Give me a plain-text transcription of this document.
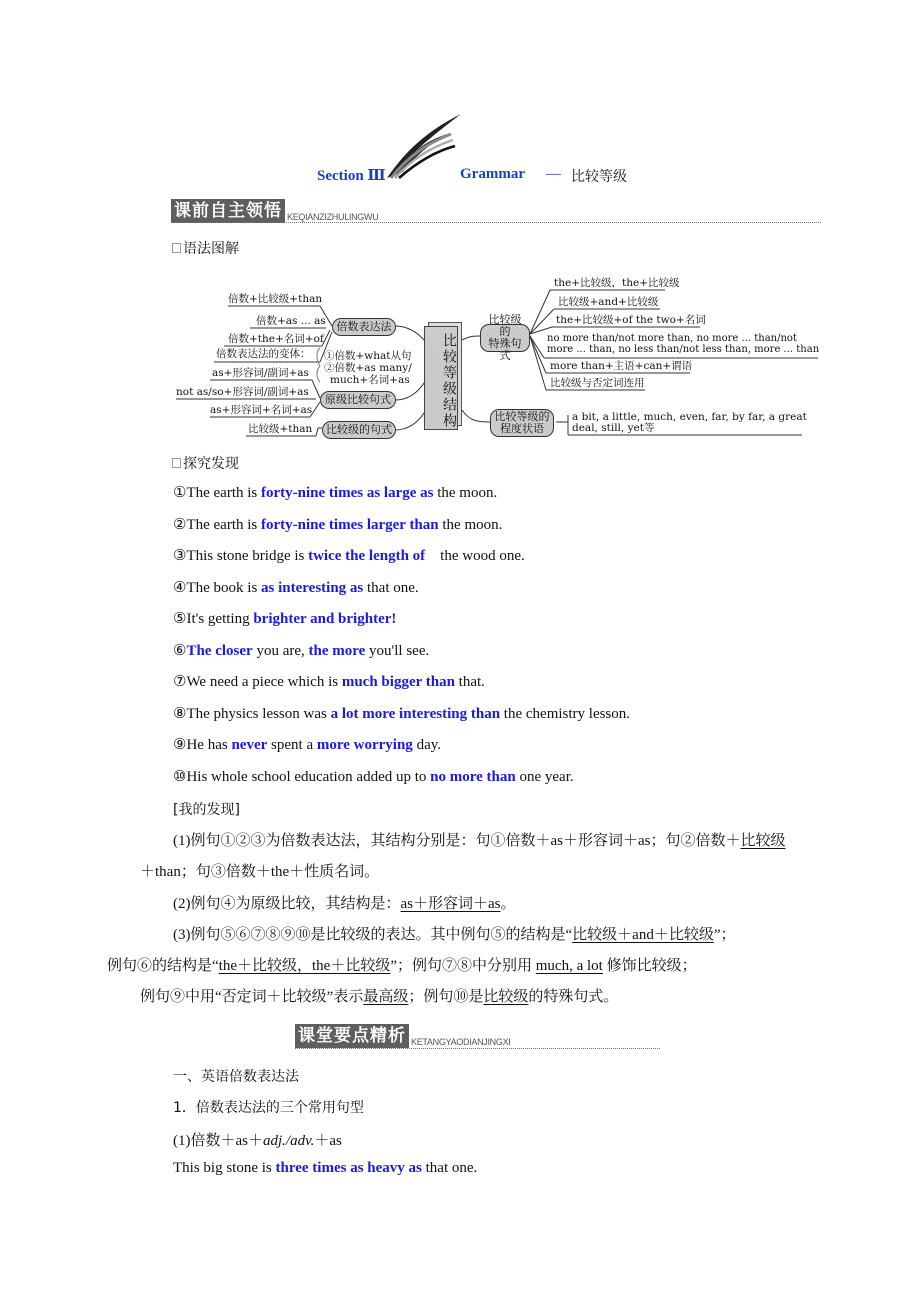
Section Ⅲ	Grammar — 比较等级
课前自主领悟 KEQIANZIZHULINGWU
语法图解
倍数+比较级+than
倍数+as ... as
倍数+the+名词+of
倍数表达法的变体： ①倍数+what从句
②倍数+as many/
much+名词+as
as+形容词/副词+as
not as/so+形容词/副词+as
as+形容词+名词+as
比较级+than
倍数表达法
原级比较句式
比较级的句式
比较等级结构
比较级的
特殊句式
比较等级的
程度状语
the+比较级，the+比较级
比较级+and+比较级
the+比较级+of the two+名词
no more than/not more than, no more ... than/not
more ... than, no less than/not less than, more ... than
more than+主语+can+谓语
比较级与否定词连用
a bit, a little, much, even, far, by far, a great
deal, still, yet等
探究发现
①The earth is forty-nine times as large as the moon.
②The earth is forty-nine times larger than the moon.
③This stone bridge is twice the length of    the wood one.
④The book is as interesting as that one.
⑤It's getting brighter and brighter!
⑥The closer you are, the more you'll see.
⑦We need a piece which is much bigger than that.
⑧The physics lesson was a lot more interesting than the chemistry lesson.
⑨He has never spent a more worrying day.
⑩His whole school education added up to no more than one year.
[我的发现]
(1)例句①②③为倍数表达法，其结构分别是：句①倍数＋as＋形容词＋as；句②倍数＋比较级＋than；句③倍数＋the＋性质名词。
(2)例句④为原级比较，其结构是：as＋形容词＋as。
(3)例句⑤⑥⑦⑧⑨⑩是比较级的表达。其中例句⑤的结构是“比较级＋and＋比较级”；
例句⑥的结构是“the＋比较级，the＋比较级”；例句⑦⑧中分别用 much, a lot 修饰比较级；
例句⑨中用“否定词＋比较级”表示最高级；例句⑩是比较级的特殊句式。
课堂要点精析 KETANGYAODIANJINGXI
一、英语倍数表达法
1．倍数表达法的三个常用句型
(1)倍数＋as＋adj./adv.＋as
This big stone is three times as heavy as that one.
